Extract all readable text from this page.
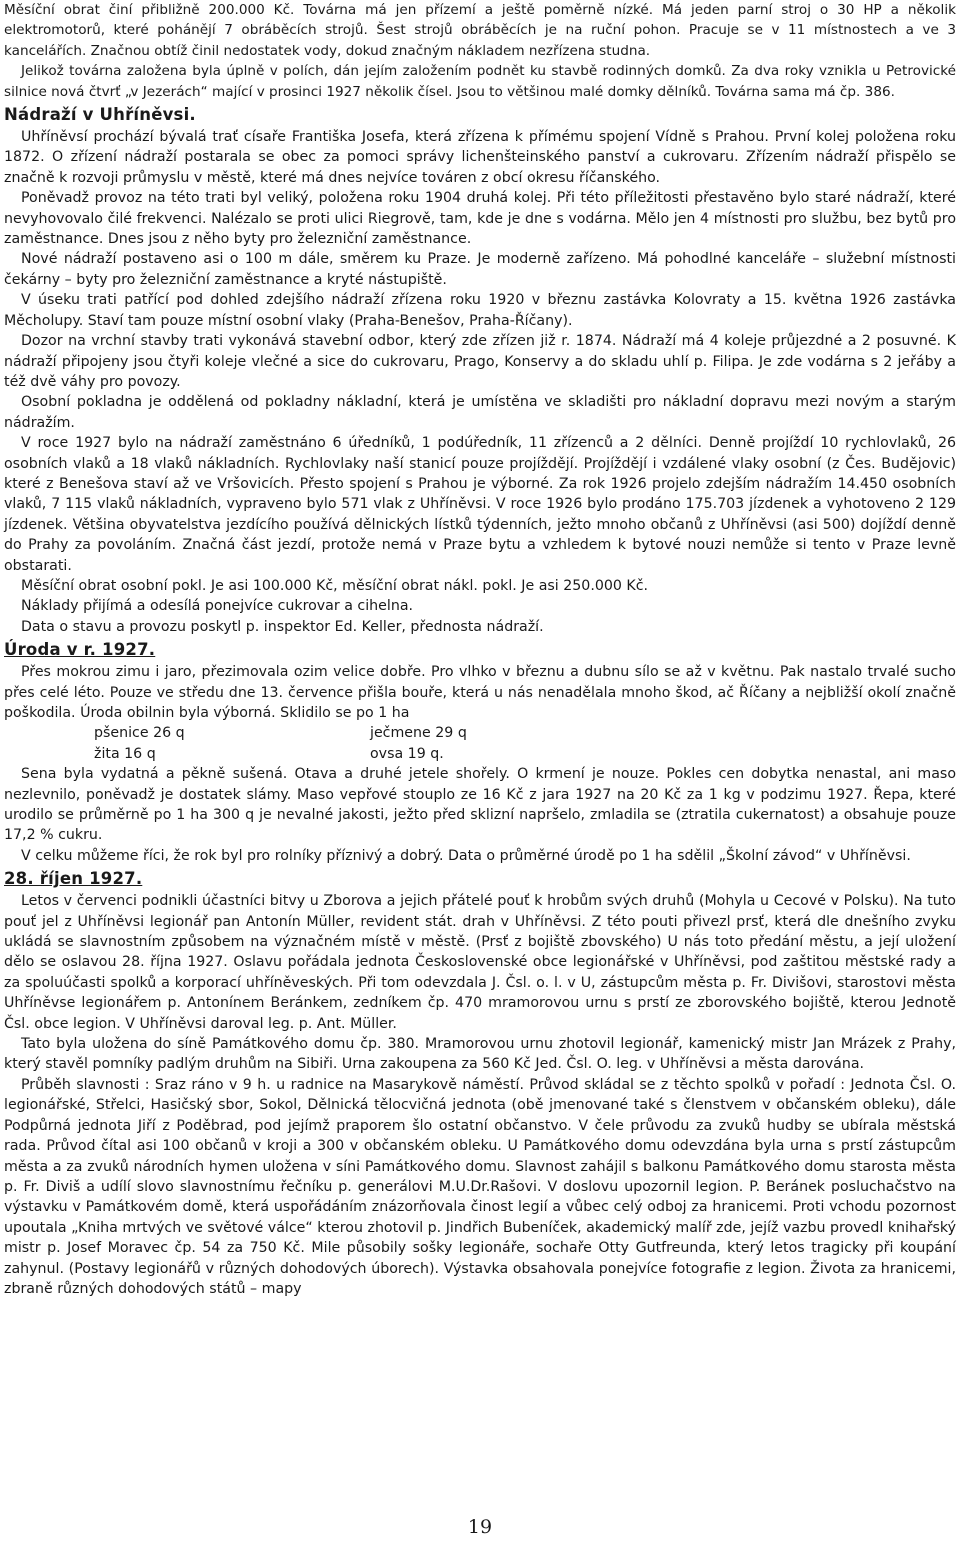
Měsíční obrat činí přibližně 200.000 Kč. Továrna má jen přízemí a ještě poměrně nízké. Má jeden parní stroj o 30 HP a několik elektromotorů, které pohánějí 7 obráběcích strojů. Šest strojů obráběcích je na ruční pohon. Pracuje se v 11 místnostech a ve 3 kancelářích. Značnou obtíž činil nedostatek vody, dokud značným nákladem nezřízena studna.

Jelikož továrna založena byla úplně v polích, dán jejím založením podnět ku stavbě rodinných domků. Za dva roky vznikla u Petrovické silnice nová čtvrť „v Jezerách“ mající v prosinci 1927 několik čísel. Jsou to většinou malé domky dělníků. Továrna sama má čp. 386.

Nádraží v Uhříněvsi.

Uhříněvsí prochází bývalá trať císaře Františka Josefa, která zřízena k přímému spojení Vídně s Prahou. První kolej položena roku 1872. O zřízení nádraží postarala se obec za pomoci správy lichenšteinského panství a cukrovaru. Zřízením nádraží přispělo se značně k rozvoji průmyslu v městě, které má dnes nejvíce továren z obcí okresu říčanského.

Poněvadž provoz na této trati byl veliký, položena roku 1904 druhá kolej. Při této příležitosti přestavěno bylo staré nádraží, které nevyhovovalo čilé frekvenci. Nalézalo se proti ulici Riegrově, tam, kde je dne s vodárna. Mělo jen 4 místnosti pro službu, bez bytů pro zaměstnance. Dnes jsou z něho byty pro železniční zaměstnance.

Nové nádraží postaveno asi o 100 m dále, směrem ku Praze. Je moderně zařízeno. Má pohodlné kanceláře – služební místnosti čekárny – byty pro železniční zaměstnance a kryté nástupiště.

V úseku trati patřící pod dohled zdejšího nádraží zřízena roku 1920 v březnu zastávka Kolovraty a 15. května 1926 zastávka Měcholupy. Staví tam pouze místní osobní vlaky (Praha-Benešov, Praha-Říčany).

Dozor na vrchní stavby trati vykonává stavební odbor, který zde zřízen již r. 1874. Nádraží má 4 koleje průjezdné a 2 posuvné. K nádraží připojeny jsou čtyři koleje vlečné a sice do cukrovaru, Prago, Konservy a do skladu uhlí p. Filipa. Je zde vodárna s 2 jeřáby a též dvě váhy pro povozy.

Osobní pokladna je oddělená od pokladny nákladní, která je umístěna ve skladišti pro nákladní dopravu mezi novým a starým nádražím.

V roce 1927 bylo na nádraží zaměstnáno 6 úředníků, 1 podúředník, 11 zřízenců a 2 dělníci. Denně projíždí 10 rychlovlaků, 26 osobních vlaků a 18 vlaků nákladních. Rychlovlaky naší stanicí pouze projíždějí. Projíždějí i vzdálené vlaky osobní (z Čes. Budějovic) které z Benešova staví až ve Vršovicích. Přesto spojení s Prahou je výborné. Za rok 1926 projelo zdejším nádražím 14.450 osobních vlaků, 7 115 vlaků nákladních, vypraveno bylo 571 vlak z Uhříněvsi. V roce 1926 bylo prodáno 175.703 jízdenek a vyhotoveno 2 129 jízdenek. Většina obyvatelstva jezdícího používá dělnických lístků týdenních, ježto mnoho občanů z Uhříněvsi (asi 500) dojíždí denně do Prahy za povoláním. Značná část jezdí, protože nemá v Praze bytu a vzhledem k bytové nouzi nemůže si tento v Praze levně obstarati.

Měsíční obrat osobní pokl. Je asi 100.000 Kč, měsíční obrat nákl. pokl. Je asi 250.000 Kč.

Náklady přijímá a odesílá ponejvíce cukrovar a cihelna.

Data o stavu a provozu poskytl p. inspektor Ed. Keller, přednosta nádraží.

Úroda v r. 1927.

Přes mokrou zimu i jaro, přezimovala ozim velice dobře. Pro vlhko v březnu a dubnu sílo se až v květnu. Pak nastalo trvalé sucho přes celé léto. Pouze ve středu dne 13. července přišla bouře, která u nás nenadělala mnoho škod, ač Říčany a nejbližší okolí značně poškodila. Úroda obilnin byla výborná. Sklidilo se po 1 ha

pšenice 26 q	ječmene 29 q
žita 16 q	ovsa 19 q.

Sena byla vydatná a pěkně sušená. Otava a druhé jetele shořely. O krmení je nouze. Pokles cen dobytka nenastal, ani maso nezlevnilo, poněvadž je dostatek slámy. Maso vepřové stouplo ze 16 Kč z jara 1927 na 20 Kč za 1 kg v podzimu 1927. Řepa, které urodilo se průměrně po 1 ha 300 q je nevalné jakosti, ježto před sklizní napršelo, zmladila se (ztratila cukernatost) a obsahuje pouze 17,2 % cukru.

V celku můžeme říci, že rok byl pro rolníky příznivý a dobrý. Data o průměrné úrodě po 1 ha sdělil „Školní závod“ v Uhříněvsi.

28. říjen 1927.

Letos v červenci podnikli účastníci bitvy u Zborova a jejich přátelé pouť k hrobům svých druhů (Mohyla u Cecové v Polsku). Na tuto pouť jel z Uhříněvsi legionář pan Antonín Müller, revident stát. drah v Uhříněvsi. Z této pouti přivezl prsť, která dle dnešního zvyku ukládá se slavnostním způsobem na význačném místě v městě. (Prsť z bojiště zbovského) U nás toto předání městu, a její uložení dělo se oslavou 28. října 1927. Oslavu pořádala jednota Československé obce legionářské v Uhříněvsi, pod zaštitou městské rady a za spoluúčasti spolků a korporací uhříněveských. Při tom odevzdala J. Čsl. o. l. v U, zástupcům města p. Fr. Divišovi, starostovi města Uhříněvse legionářem p. Antonínem Beránkem, zedníkem čp. 470 mramorovou urnu s prstí ze zborovského bojiště, kterou Jednotě Čsl. obce legion. V Uhříněvsi daroval leg. p. Ant. Müller.

Tato byla uložena do síně Památkového domu čp. 380. Mramorovou urnu zhotovil legionář, kamenický mistr Jan Mrázek z Prahy, který stavěl pomníky padlým druhům na Sibiři. Urna zakoupena za 560 Kč Jed. Čsl. O. leg. v Uhříněvsi a města darována.

Průběh slavnosti : Sraz ráno v 9 h. u radnice na Masarykově náměstí. Průvod skládal se z těchto spolků v pořadí : Jednota Čsl. O. legionářské, Střelci, Hasičský sbor, Sokol, Dělnická tělocvičná jednota (obě jmenované také s členstvem v občanském obleku), dále Podpůrná jednota Jiří z Poděbrad, pod jejímž praporem šlo ostatní občanstvo. V čele průvodu za zvuků hudby se ubírala městská rada. Průvod čítal asi 100 občanů v kroji a 300 v občanském obleku. U Památkového domu odevzdána byla urna s prstí zástupcům města a za zvuků národních hymen uložena v síni Památkového domu. Slavnost zahájil s balkonu Památkového domu starosta města p. Fr. Diviš a udílí slovo slavnostnímu řečníku p. generálovi M.U.Dr.Rašovi. V doslovu upozornil legion. P. Beránek posluchačstvo na výstavku v Památkovém domě, která uspořádáním znázorňovala činost legií a vůbec celý odboj za hranicemi. Proti vchodu pozornost upoutala „Kniha mrtvých ve světové válce“ kterou zhotovil p. Jindřich Bubeníček, akademický malíř zde, jejíž vazbu provedl knihařský mistr p. Josef Moravec čp. 54 za 750 Kč. Mile působily sošky legionáře, sochaře Otty Gutfreunda, který letos tragicky při koupání zahynul. (Postavy legionářů v různých dohodových úborech). Výstavka obsahovala ponejvíce fotografie z legion. Života za hranicemi, zbraně různých dohodových států – mapy

19
